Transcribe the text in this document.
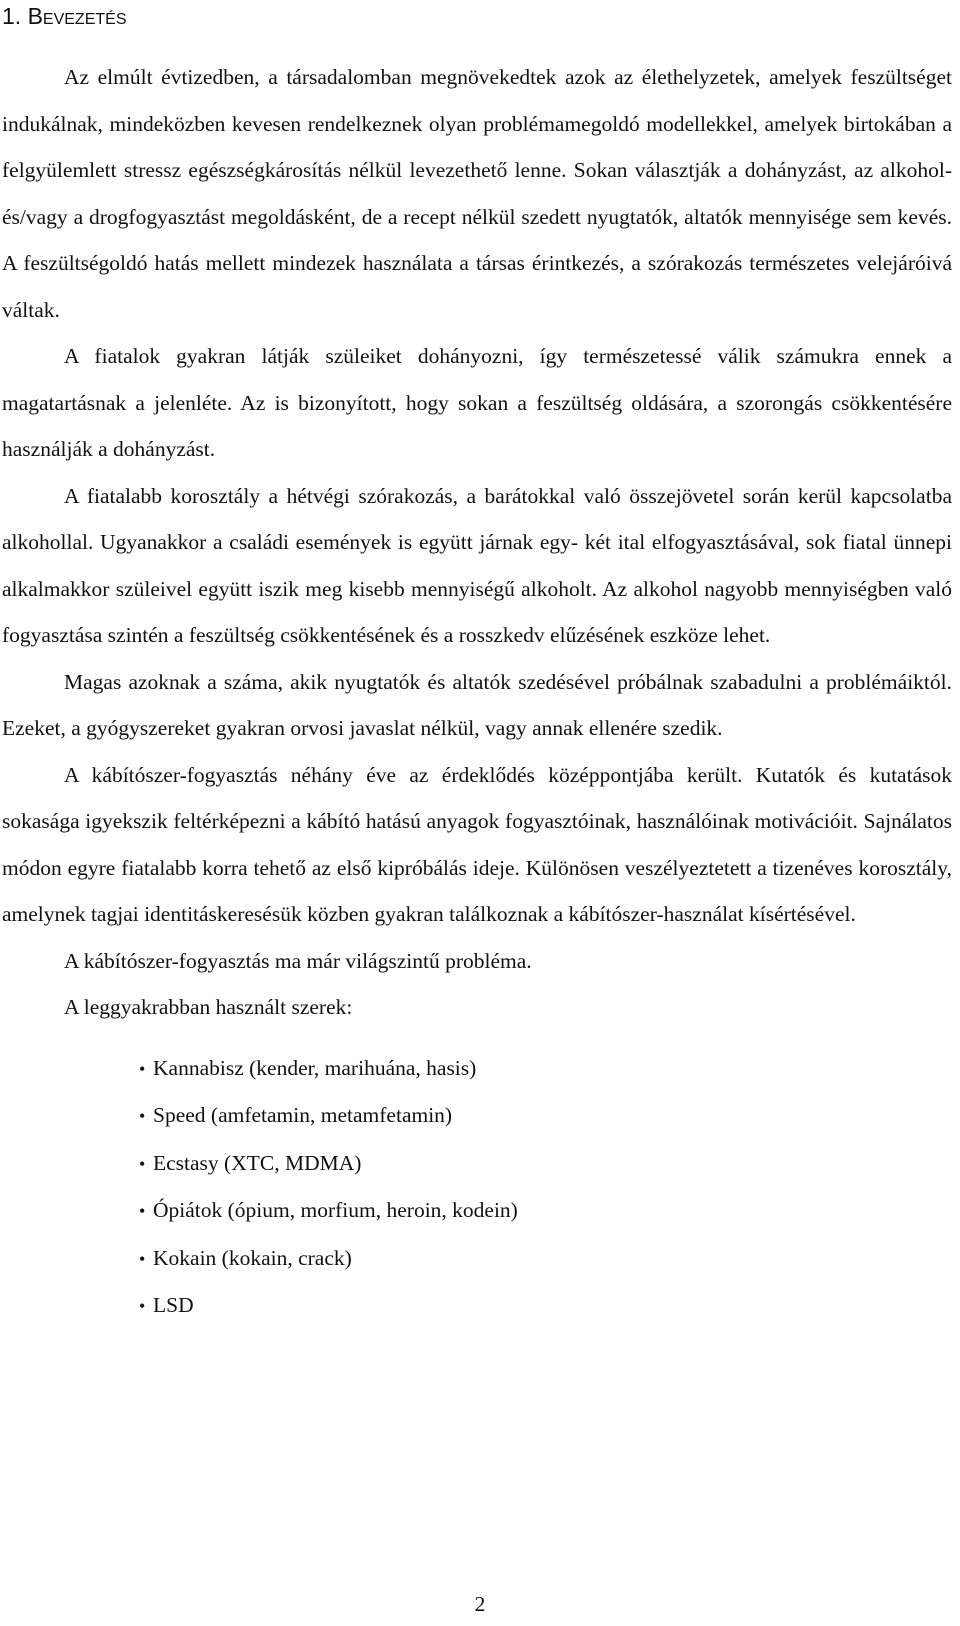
1. Bevezetés

Az elmúlt évtizedben, a társadalomban megnövekedtek azok az élethelyzetek, amelyek feszültséget indukálnak, mindeközben kevesen rendelkeznek olyan problémamegoldó modellekkel, amelyek birtokában a felgyülemlett stressz egészségkárosítás nélkül levezethető lenne. Sokan választják a dohányzást, az alkohol- és/vagy a drogfogyasztást megoldásként, de a recept nélkül szedett nyugtatók, altatók mennyisége sem kevés. A feszültségoldó hatás mellett mindezek használata a társas érintkezés, a szórakozás természetes velejáróivá váltak.

A fiatalok gyakran látják szüleiket dohányozni, így természetessé válik számukra ennek a magatartásnak a jelenléte. Az is bizonyított, hogy sokan a feszültség oldására, a szorongás csökkentésére használják a dohányzást.

A fiatalabb korosztály a hétvégi szórakozás, a barátokkal való összejövetel során kerül kapcsolatba alkohollal. Ugyanakkor a családi események is együtt járnak egy- két ital elfogyasztásával, sok fiatal ünnepi alkalmakkor szüleivel együtt iszik meg kisebb mennyiségű alkoholt. Az alkohol nagyobb mennyiségben való fogyasztása szintén a feszültség csökkentésének és a rosszkedv elűzésének eszköze lehet.

Magas azoknak a száma, akik nyugtatók és altatók szedésével próbálnak szabadulni a problémáiktól. Ezeket, a gyógyszereket gyakran orvosi javaslat nélkül, vagy annak ellenére szedik.

A kábítószer-fogyasztás néhány éve az érdeklődés középpontjába került. Kutatók és kutatások sokasága igyekszik feltérképezni a kábító hatású anyagok fogyasztóinak, használóinak motivációit. Sajnálatos módon egyre fiatalabb korra tehető az első kipróbálás ideje. Különösen veszélyeztetett a tizenéves korosztály, amelynek tagjai identitáskeresésük közben gyakran találkoznak a kábítószer-használat kísértésével.

A kábítószer-fogyasztás ma már világszintű probléma.

A leggyakrabban használt szerek:

• Kannabisz (kender, marihuána, hasis)
• Speed (amfetamin, metamfetamin)
• Ecstasy (XTC, MDMA)
• Ópiátok (ópium, morfium, heroin, kodein)
• Kokain (kokain, crack)
• LSD
2
